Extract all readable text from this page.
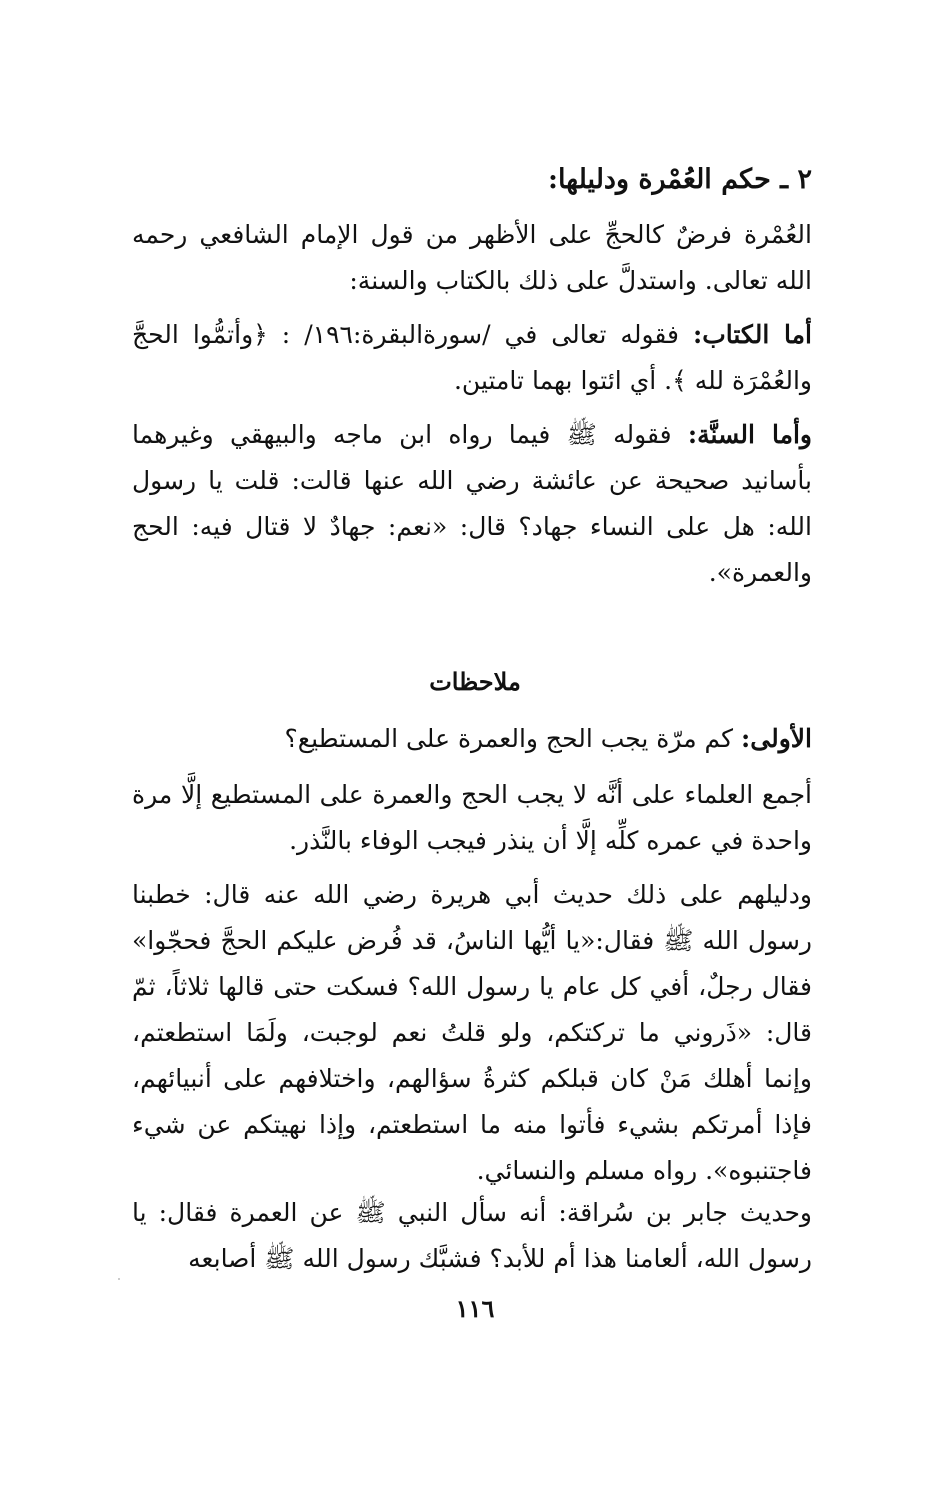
٢ ـ حكم العُمْرة ودليلها:

العُمْرة فرضٌ كالحجِّ على الأظهر من قول الإمام الشافعي رحمه الله تعالى. واستدلَّ على ذلك بالكتاب والسنة:

أما الكتاب: فقوله تعالى في /سورةالبقرة:١٩٦/ : ﴿وأتمُّوا الحجَّ والعُمْرَة لله ﴾. أي ائتوا بهما تامتين.

وأما السنَّة: فقوله ﷺ فيما رواه ابن ماجه والبيهقي وغيرهما بأسانيد صحيحة عن عائشة رضي الله عنها قالت: قلت يا رسول الله: هل على النساء جهاد؟ قال: «نعم: جهادٌ لا قتال فيه: الحج والعمرة».

ملاحظات

الأولى: كم مرّة يجب الحج والعمرة على المستطيع؟

أجمع العلماء على أنَّه لا يجب الحج والعمرة على المستطيع إلَّا مرة واحدة في عمره كلِّه إلَّا أن ينذر فيجب الوفاء بالنَّذر.

ودليلهم على ذلك حديث أبي هريرة رضي الله عنه قال: خطبنا رسول الله ﷺ فقال:«يا أيُّها الناسُ، قد فُرض عليكم الحجَّ فحجّوا» فقال رجلٌ، أفي كل عام يا رسول الله؟ فسكت حتى قالها ثلاثاً، ثمّ قال: «ذَروني ما تركتكم، ولو قلتُ نعم لوجبت، ولَمَا استطعتم، وإنما أهلك مَنْ كان قبلكم كثرةُ سؤالهم، واختلافهم على أنبيائهم، فإذا أمرتكم بشيء فأتوا منه ما استطعتم، وإذا نهيتكم عن شيء فاجتنبوه». رواه مسلم والنسائي.

وحديث جابر بن سُراقة: أنه سأل النبي ﷺ عن العمرة فقال: يا رسول الله، ألعامنا هذا أم للأبد؟ فشبَّك رسول الله ﷺ أصابعه

١١٦
